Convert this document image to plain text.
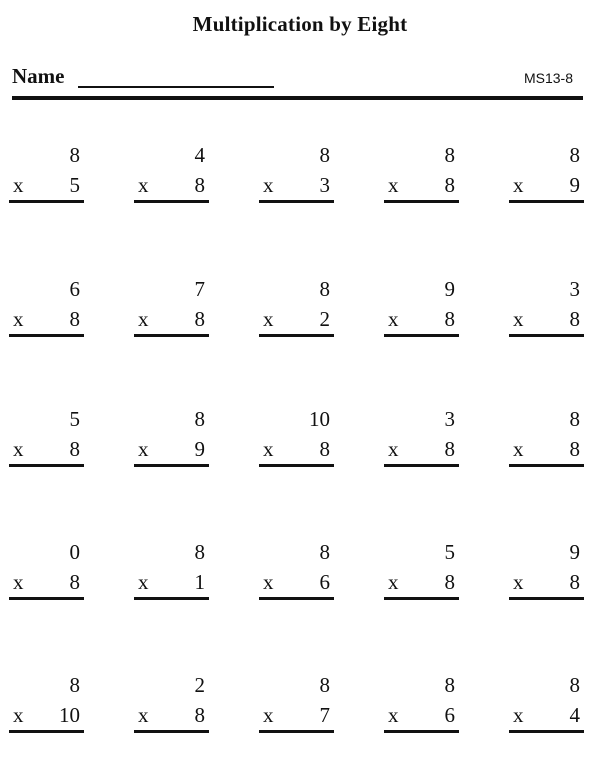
Multiplication by Eight
Name	MS13-8
8
x 5
4
x 8
8
x 3
8
x 8
8
x 9
6
x 8
7
x 8
8
x 2
9
x 8
3
x 8
5
x 8
8
x 9
10
x 8
3
x 8
8
x 8
0
x 8
8
x 1
8
x 6
5
x 8
9
x 8
8
x 10
2
x 8
8
x 7
8
x 6
8
x 4
